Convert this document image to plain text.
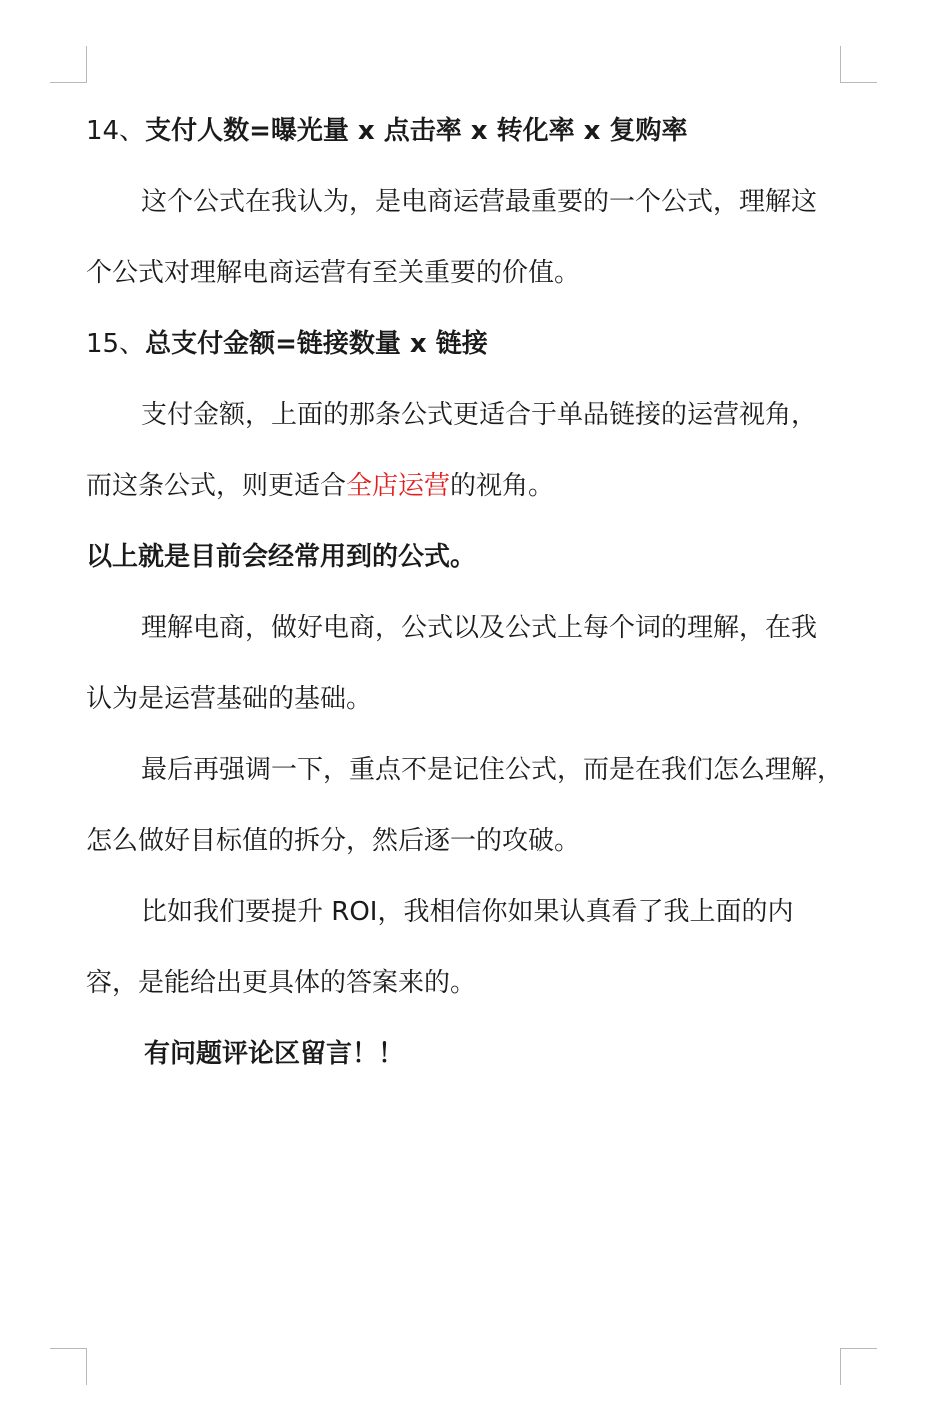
14、支付人数=曝光量 x 点击率 x 转化率 x 复购率
这个公式在我认为，是电商运营最重要的一个公式，理解这
个公式对理解电商运营有至关重要的价值。
15、总支付金额=链接数量 x 链接
支付金额，上面的那条公式更适合于单品链接的运营视角，
而这条公式，则更适合全店运营的视角。
以上就是目前会经常用到的公式。
理解电商，做好电商，公式以及公式上每个词的理解，在我
认为是运营基础的基础。
最后再强调一下，重点不是记住公式，而是在我们怎么理解，
怎么做好目标值的拆分，然后逐一的攻破。
比如我们要提升 ROI，我相信你如果认真看了我上面的内
容，是能给出更具体的答案来的。
有问题评论区留言！！
